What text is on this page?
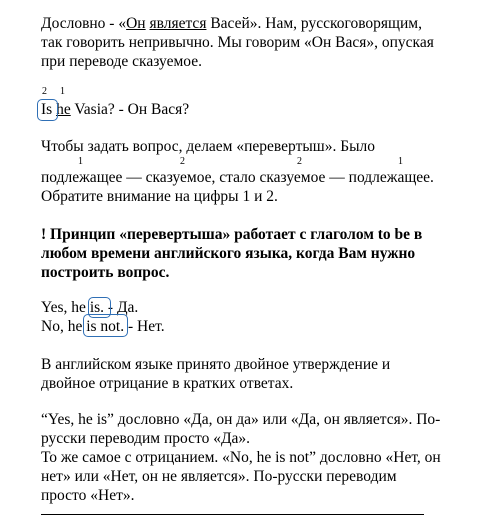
Дословно - «Он является Васей». Нам, русскоговорящим,
так говорить непривычно. Мы говорим «Он Вася», опуская
при переводе сказуемое.
2 1
Is he Vasia? - Он Вася?
Чтобы задать вопрос, делаем «перевертыш». Было
1	2	2	1
подлежащее — сказуемое, стало сказуемое — подлежащее.
Обратите внимание на цифры 1 и 2.
! Принцип «перевертыша» работает с глаголом to be в
любом времени английского языка, когда Вам нужно
построить вопрос.
Yes, he is. - Да.
No, he is not. - Нет.
В английском языке принято двойное утверждение и
двойное отрицание в кратких ответах.
“Yes, he is” дословно «Да, он да» или «Да, он является». По-
русски переводим просто «Да».
То же самое с отрицанием. «No, he is not” дословно «Нет, он
нет» или «Нет, он не является». По-русски переводим
просто «Нет».
